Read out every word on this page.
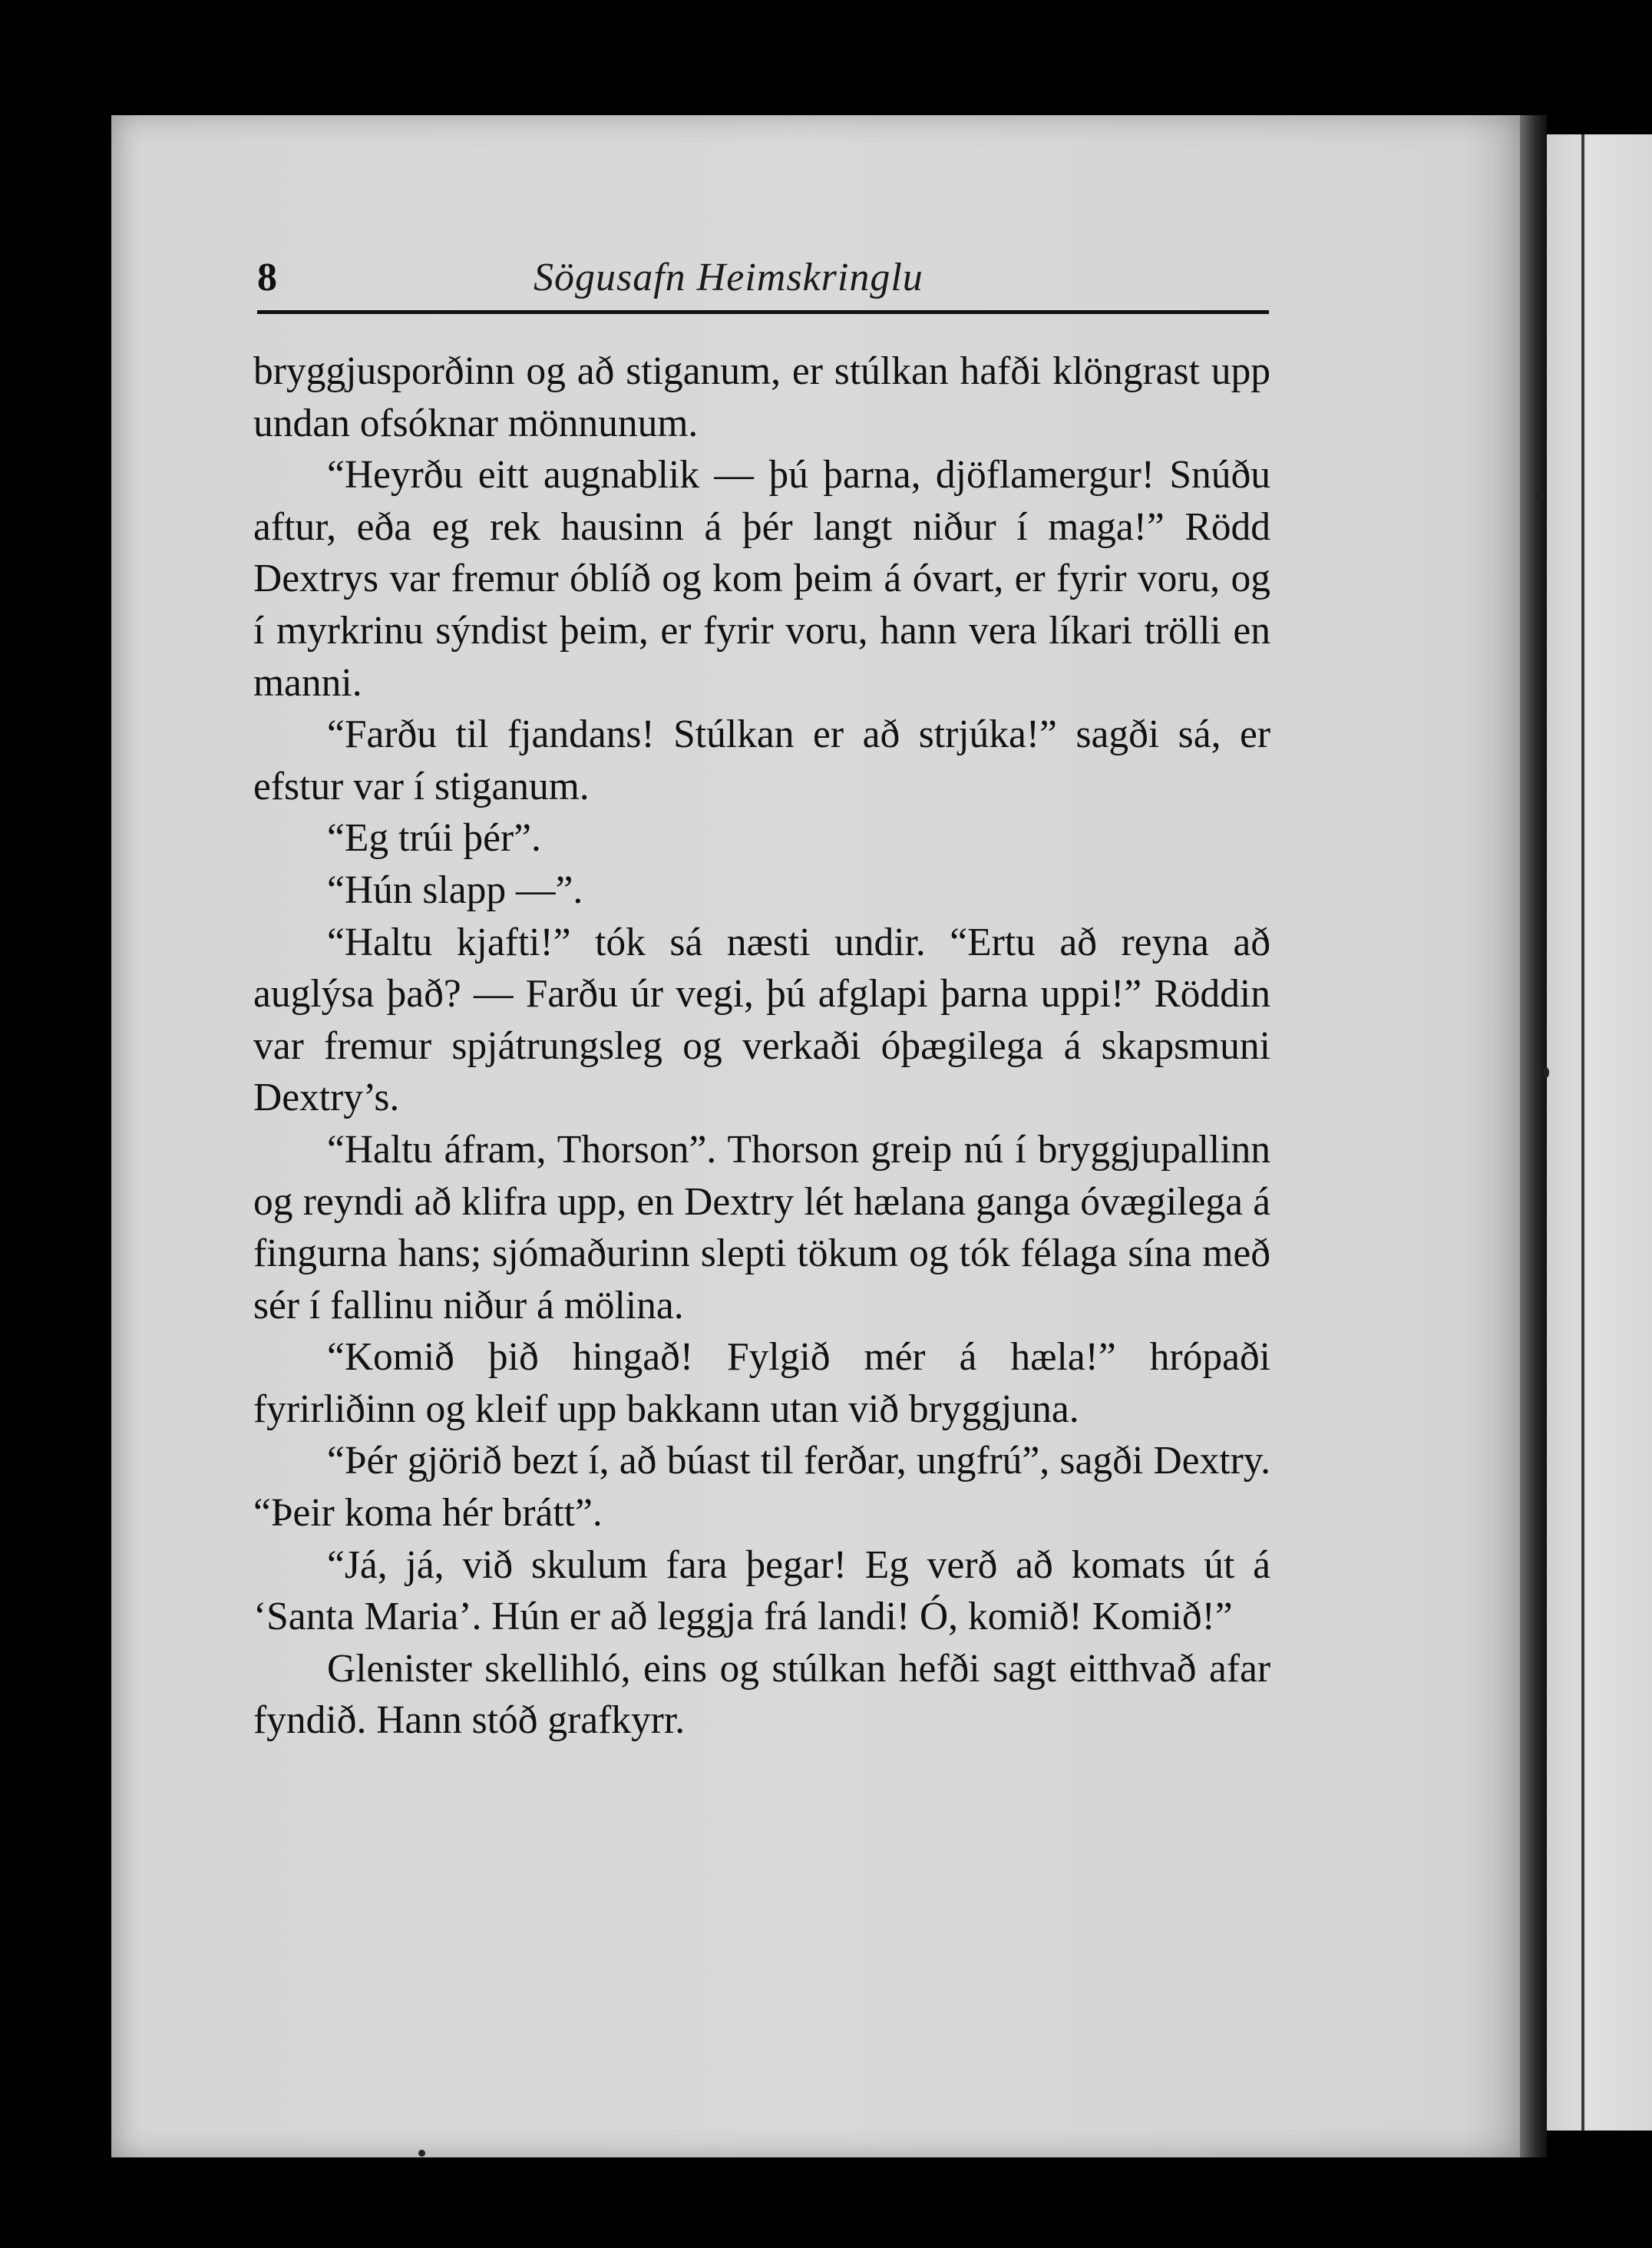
8	Sögusafn Heimskringlu

bryggjusporðinn og að stiganum, er stúlkan hafði klöngrast upp undan ofsóknar mönnunum.

“Heyrðu eitt augnablik — þú þarna, djöflamergur! Snúðu aftur, eða eg rek hausinn á þér langt niður í maga!” Rödd Dextrys var fremur óblíð og kom þeim á óvart, er fyrir voru, og í myrkrinu sýndist þeim, er fyrir voru, hann vera líkari trölli en manni.

“Farðu til fjandans! Stúlkan er að strjúka!” sagði sá, er efstur var í stiganum.

“Eg trúi þér”.

“Hún slapp —”.

“Haltu kjafti!” tók sá næsti undir. “Ertu að reyna að auglýsa það? — Farðu úr vegi, þú afglapi þarna uppi!” Röddin var fremur spjátrungsleg og verkaði óþægilega á skapsmuni Dextry’s.

“Haltu áfram, Thorson”. Thorson greip nú í bryggjupallinn og reyndi að klifra upp, en Dextry lét hælana ganga óvægilega á fingurna hans; sjómaðurinn slepti tökum og tók félaga sína með sér í fallinu niður á mölina.

“Komið þið hingað! Fylgið mér á hæla!” hrópaði fyrirliðinn og kleif upp bakkann utan við bryggjuna.

“Þér gjörið bezt í, að búast til ferðar, ungfrú”, sagði Dextry. “Þeir koma hér brátt”.

“Já, já, við skulum fara þegar! Eg verð að komats út á ‘Santa Maria’. Hún er að leggja frá landi! Ó, komið! Komið!”

Glenister skellihló, eins og stúlkan hefði sagt eitthvað afar fyndið. Hann stóð grafkyrr.
